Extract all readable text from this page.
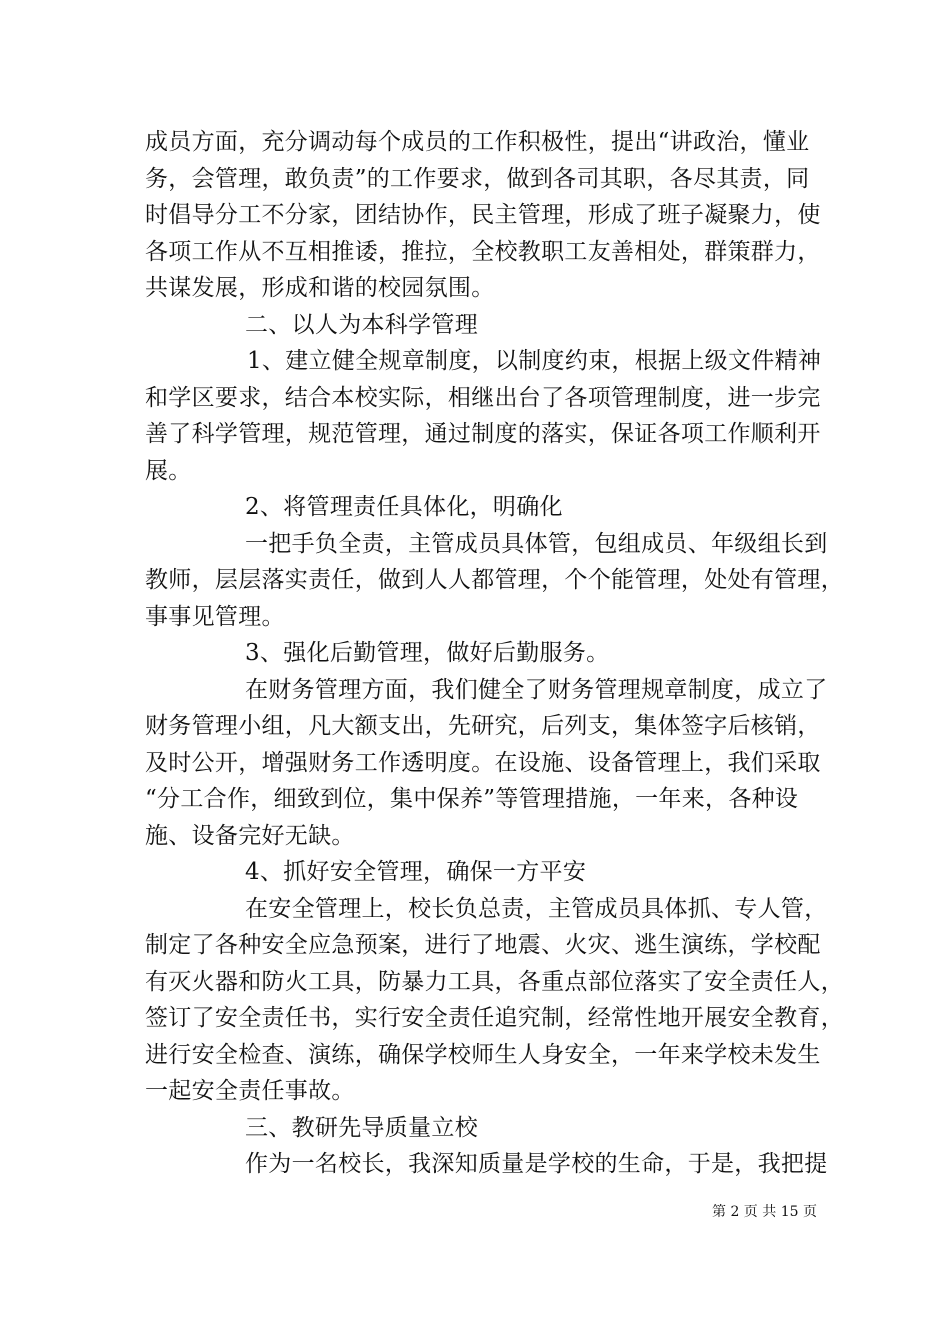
成员方面，充分调动每个成员的工作积极性，提出“讲政治，懂业
务，会管理，敢负责”的工作要求，做到各司其职，各尽其责，同
时倡导分工不分家，团结协作，民主管理，形成了班子凝聚力，使
各项工作从不互相推诿，推拉，全校教职工友善相处，群策群力，
共谋发展，形成和谐的校园氛围。
二、以人为本科学管理
1、建立健全规章制度，以制度约束，根据上级文件精神
和学区要求，结合本校实际，相继出台了各项管理制度，进一步完
善了科学管理，规范管理，通过制度的落实，保证各项工作顺利开
展。
2、将管理责任具体化，明确化
一把手负全责，主管成员具体管，包组成员、年级组长到
教师，层层落实责任，做到人人都管理，个个能管理，处处有管理，
事事见管理。
3、强化后勤管理，做好后勤服务。
在财务管理方面，我们健全了财务管理规章制度，成立了
财务管理小组，凡大额支出，先研究，后列支，集体签字后核销，
及时公开，增强财务工作透明度。在设施、设备管理上，我们采取
“分工合作，细致到位，集中保养”等管理措施，一年来，各种设
施、设备完好无缺。
4、抓好安全管理，确保一方平安
在安全管理上，校长负总责，主管成员具体抓、专人管，
制定了各种安全应急预案，进行了地震、火灾、逃生演练，学校配
有灭火器和防火工具，防暴力工具，各重点部位落实了安全责任人，
签订了安全责任书，实行安全责任追究制，经常性地开展安全教育，
进行安全检查、演练，确保学校师生人身安全，一年来学校未发生
一起安全责任事故。
三、教研先导质量立校
作为一名校长，我深知质量是学校的生命，于是，我把提
第 2 页 共 15 页
